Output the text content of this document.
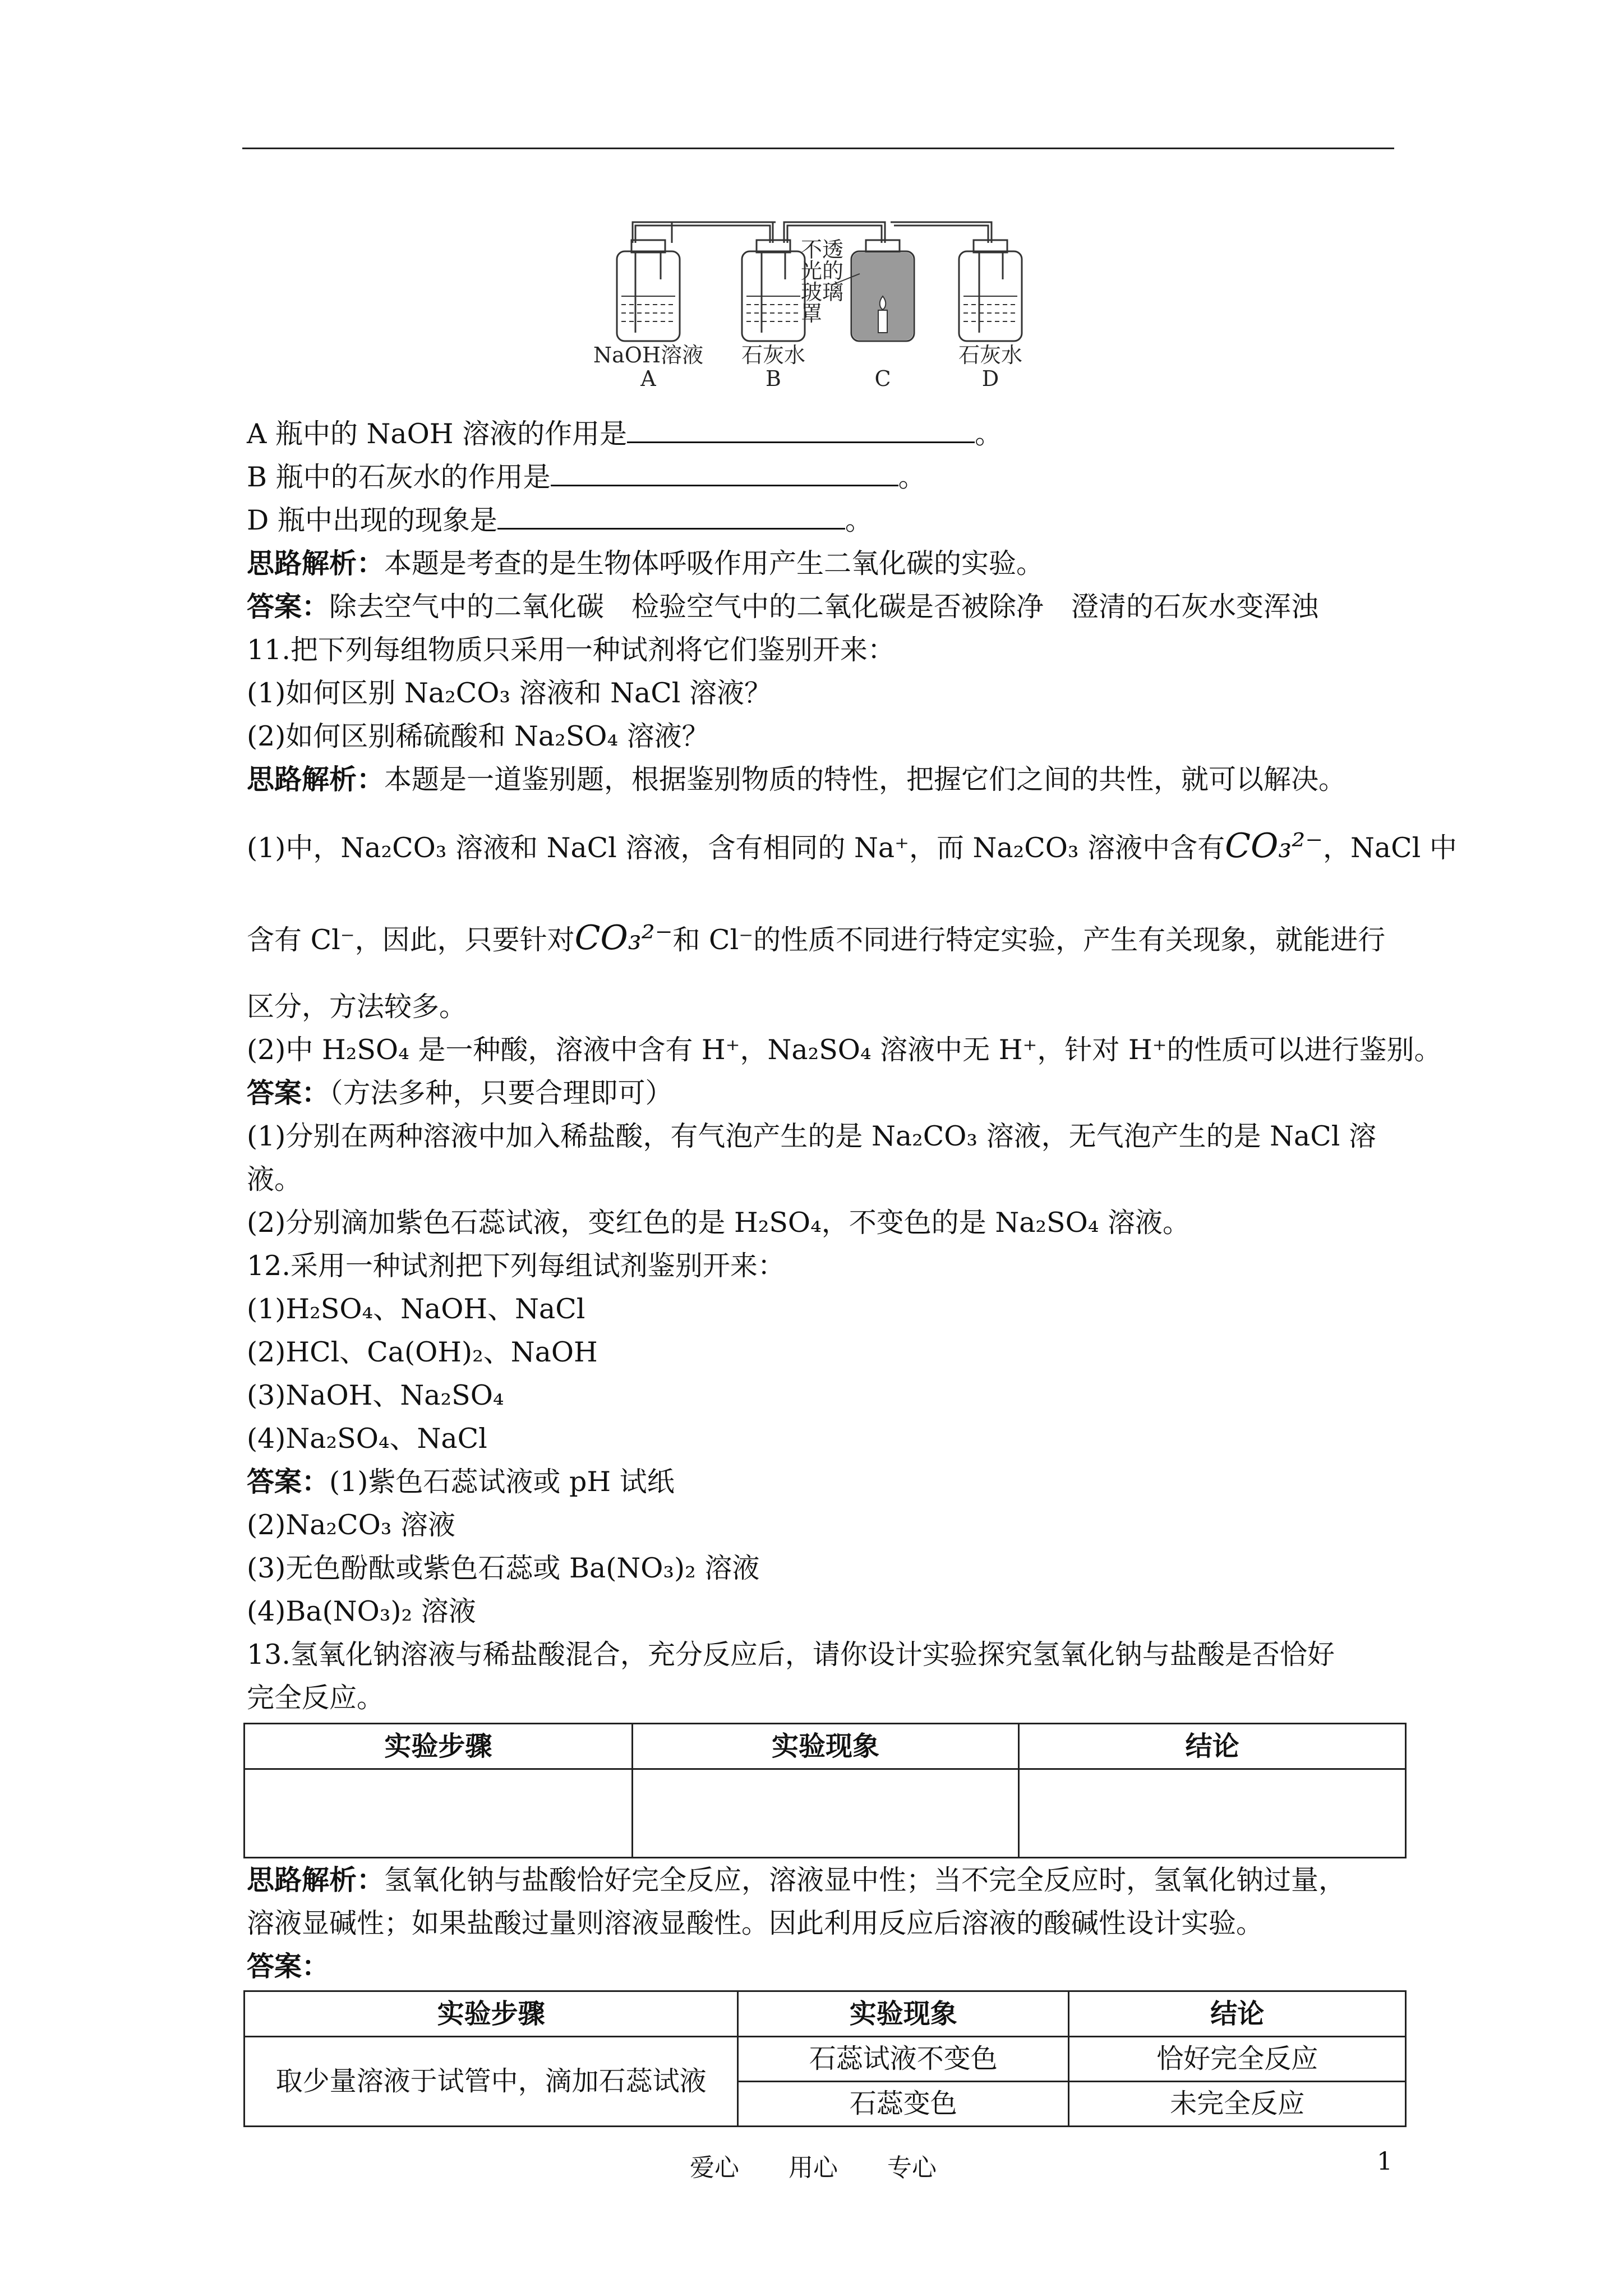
不透
光的
玻璃
罩
NaOH溶液 石灰水	石灰水
A	B	C	D
A 瓶中的 NaOH 溶液的作用是	。
B 瓶中的石灰水的作用是	。
D 瓶中出现的现象是	。
思路解析：本题是考查的是生物体呼吸作用产生二氧化碳的实验。
答案：除去空气中的二氧化碳　检验空气中的二氧化碳是否被除净　澄清的石灰水变浑浊
11.把下列每组物质只采用一种试剂将它们鉴别开来：
(1)如何区别 Na₂CO₃ 溶液和 NaCl 溶液？
(2)如何区别稀硫酸和 Na₂SO₄ 溶液？
思路解析：本题是一道鉴别题，根据鉴别物质的特性，把握它们之间的共性，就可以解决。
(1)中，Na₂CO₃ 溶液和 NaCl 溶液，含有相同的 Na⁺，而 Na₂CO₃ 溶液中含有CO₃²⁻，NaCl 中
含有 Cl⁻，因此，只要针对CO₃²⁻和 Cl⁻的性质不同进行特定实验，产生有关现象，就能进行
区分，方法较多。
(2)中 H₂SO₄ 是一种酸，溶液中含有 H⁺，Na₂SO₄ 溶液中无 H⁺，针对 H⁺的性质可以进行鉴别。
答案：（方法多种，只要合理即可）
(1)分别在两种溶液中加入稀盐酸，有气泡产生的是 Na₂CO₃ 溶液，无气泡产生的是 NaCl 溶
液。
(2)分别滴加紫色石蕊试液，变红色的是 H₂SO₄，不变色的是 Na₂SO₄ 溶液。
12.采用一种试剂把下列每组试剂鉴别开来：
(1)H₂SO₄、NaOH、NaCl
(2)HCl、Ca(OH)₂、NaOH
(3)NaOH、Na₂SO₄
(4)Na₂SO₄、NaCl
答案：(1)紫色石蕊试液或 pH 试纸
(2)Na₂CO₃ 溶液
(3)无色酚酞或紫色石蕊或 Ba(NO₃)₂ 溶液
(4)Ba(NO₃)₂ 溶液
13.氢氧化钠溶液与稀盐酸混合，充分反应后，请你设计实验探究氢氧化钠与盐酸是否恰好
完全反应。
实验步骤	实验现象	结论

思路解析：氢氧化钠与盐酸恰好完全反应，溶液显中性；当不完全反应时，氢氧化钠过量，
溶液显碱性；如果盐酸过量则溶液显酸性。因此利用反应后溶液的酸碱性设计实验。
答案：
实验步骤	实验现象	结论
取少量溶液于试管中，滴加石蕊试液	石蕊试液不变色	恰好完全反应
	石蕊变色	未完全反应
爱心　　用心　　专心	1
